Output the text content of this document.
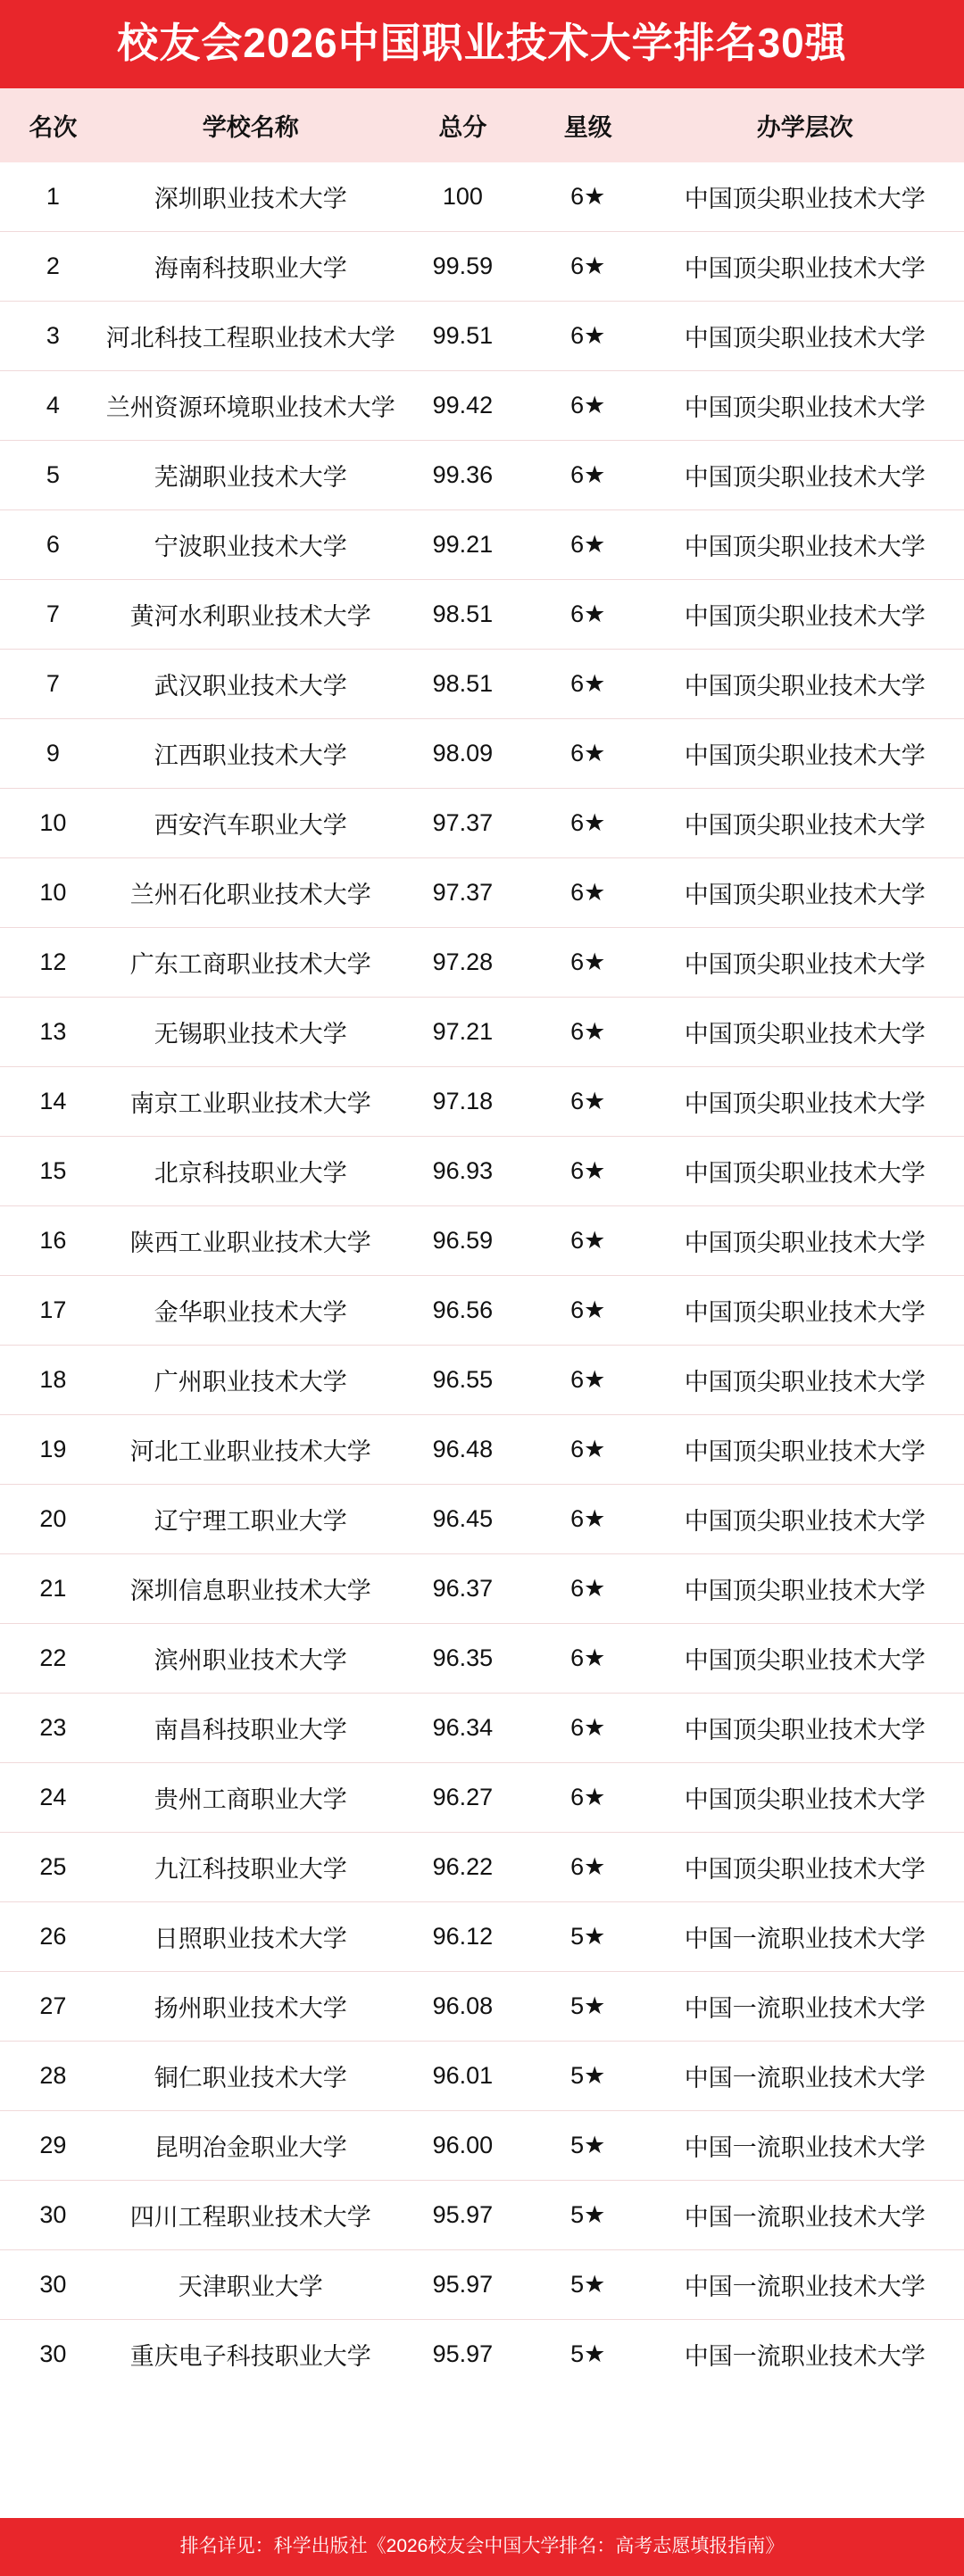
校友会2026中国职业技术大学排名30强
名次	学校名称	总分	星级	办学层次
1	深圳职业技术大学	100	6★	中国顶尖职业技术大学
2	海南科技职业大学	99.59	6★	中国顶尖职业技术大学
3	河北科技工程职业技术大学	99.51	6★	中国顶尖职业技术大学
4	兰州资源环境职业技术大学	99.42	6★	中国顶尖职业技术大学
5	芜湖职业技术大学	99.36	6★	中国顶尖职业技术大学
6	宁波职业技术大学	99.21	6★	中国顶尖职业技术大学
7	黄河水利职业技术大学	98.51	6★	中国顶尖职业技术大学
7	武汉职业技术大学	98.51	6★	中国顶尖职业技术大学
9	江西职业技术大学	98.09	6★	中国顶尖职业技术大学
10	西安汽车职业大学	97.37	6★	中国顶尖职业技术大学
10	兰州石化职业技术大学	97.37	6★	中国顶尖职业技术大学
12	广东工商职业技术大学	97.28	6★	中国顶尖职业技术大学
13	无锡职业技术大学	97.21	6★	中国顶尖职业技术大学
14	南京工业职业技术大学	97.18	6★	中国顶尖职业技术大学
15	北京科技职业大学	96.93	6★	中国顶尖职业技术大学
16	陕西工业职业技术大学	96.59	6★	中国顶尖职业技术大学
17	金华职业技术大学	96.56	6★	中国顶尖职业技术大学
18	广州职业技术大学	96.55	6★	中国顶尖职业技术大学
19	河北工业职业技术大学	96.48	6★	中国顶尖职业技术大学
20	辽宁理工职业大学	96.45	6★	中国顶尖职业技术大学
21	深圳信息职业技术大学	96.37	6★	中国顶尖职业技术大学
22	滨州职业技术大学	96.35	6★	中国顶尖职业技术大学
23	南昌科技职业大学	96.34	6★	中国顶尖职业技术大学
24	贵州工商职业大学	96.27	6★	中国顶尖职业技术大学
25	九江科技职业大学	96.22	6★	中国顶尖职业技术大学
26	日照职业技术大学	96.12	5★	中国一流职业技术大学
27	扬州职业技术大学	96.08	5★	中国一流职业技术大学
28	铜仁职业技术大学	96.01	5★	中国一流职业技术大学
29	昆明冶金职业大学	96.00	5★	中国一流职业技术大学
30	四川工程职业技术大学	95.97	5★	中国一流职业技术大学
30	天津职业大学	95.97	5★	中国一流职业技术大学
30	重庆电子科技职业大学	95.97	5★	中国一流职业技术大学
排名详见：科学出版社《2026校友会中国大学排名：高考志愿填报指南》
